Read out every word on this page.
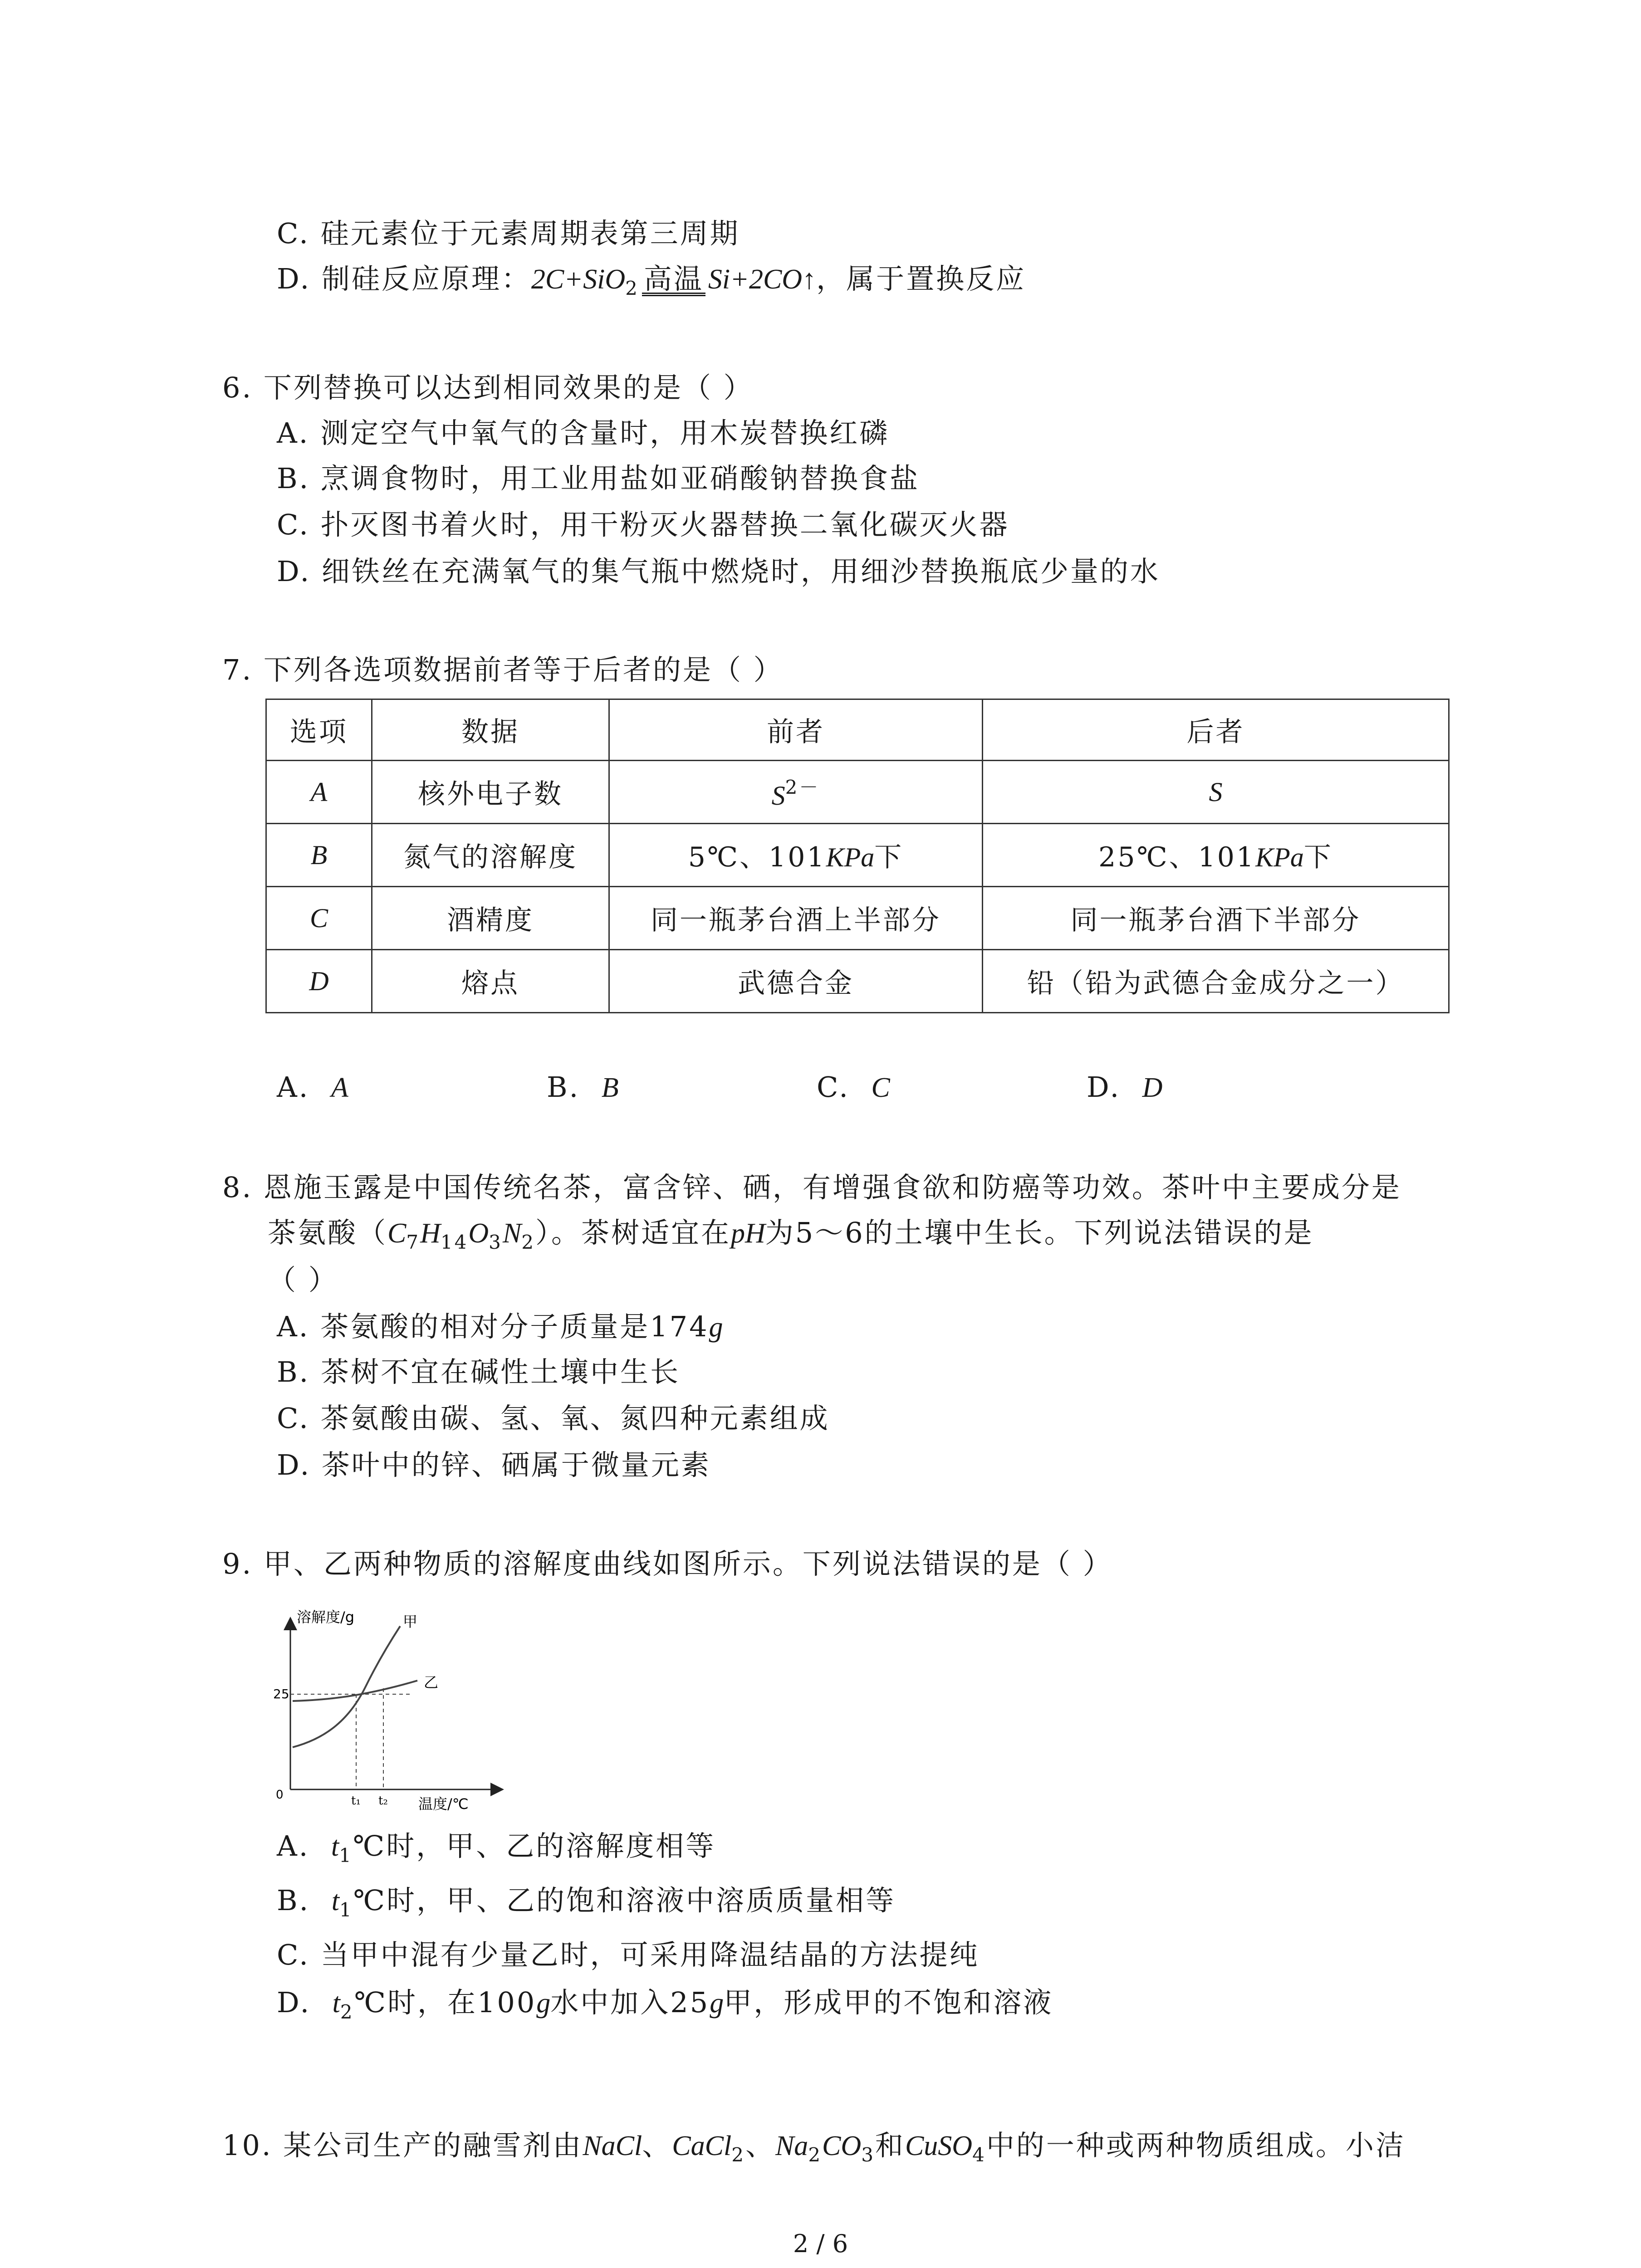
C. 硅元素位于元素周期表第三周期
D. 制硅反应原理：2C+SiO$_2$ 高温 Si+2CO↑，属于置换反应
6. 下列替换可以达到相同效果的是（ ）
A. 测定空气中氧气的含量时，用木炭替换红磷
B. 烹调食物时，用工业用盐如亚硝酸钠替换食盐
C. 扑灭图书着火时，用干粉灭火器替换二氧化碳灭火器
D. 细铁丝在充满氧气的集气瓶中燃烧时，用细沙替换瓶底少量的水
7. 下列各选项数据前者等于后者的是（ ）
选项	数据	前者	后者
A	核外电子数	$S^{2-}$	S
B	氮气的溶解度	5℃、101KPa下	25℃、101KPa下
C	酒精度	同一瓶茅台酒上半部分	同一瓶茅台酒下半部分
D	熔点	武德合金	铅（铅为武德合金成分之一）
A. A	B. B	C. C	D. D
8. 恩施玉露是中国传统名茶，富含锌、硒，有增强食欲和防癌等功效。茶叶中主要成分是
茶氨酸$(C_7H_{14}O_3N_2)$。茶树适宜在pH为5～6的土壤中生长。下列说法错误的是
（ ）
A. 茶氨酸的相对分子质量是174g
B. 茶树不宜在碱性土壤中生长
C. 茶氨酸由碳、氢、氧、氮四种元素组成
D. 茶叶中的锌、硒属于微量元素
9. 甲、乙两种物质的溶解度曲线如图所示。下列说法错误的是（ ）
溶解度/g
温度/℃
0
25
甲
乙
t₁ t₂
A.  $t_1℃$时，甲、乙的溶解度相等
B.  $t_1℃$时，甲、乙的饱和溶液中溶质质量相等
C. 当甲中混有少量乙时，可采用降温结晶的方法提纯
D.  $t_2℃$时，在100g水中加入25g甲，形成甲的不饱和溶液
10. 某公司生产的融雪剂由NaCl、CaCl$_2$、$Na_2CO_3$和CuSO$_4$中的一种或两种物质组成。小洁
2 / 6
